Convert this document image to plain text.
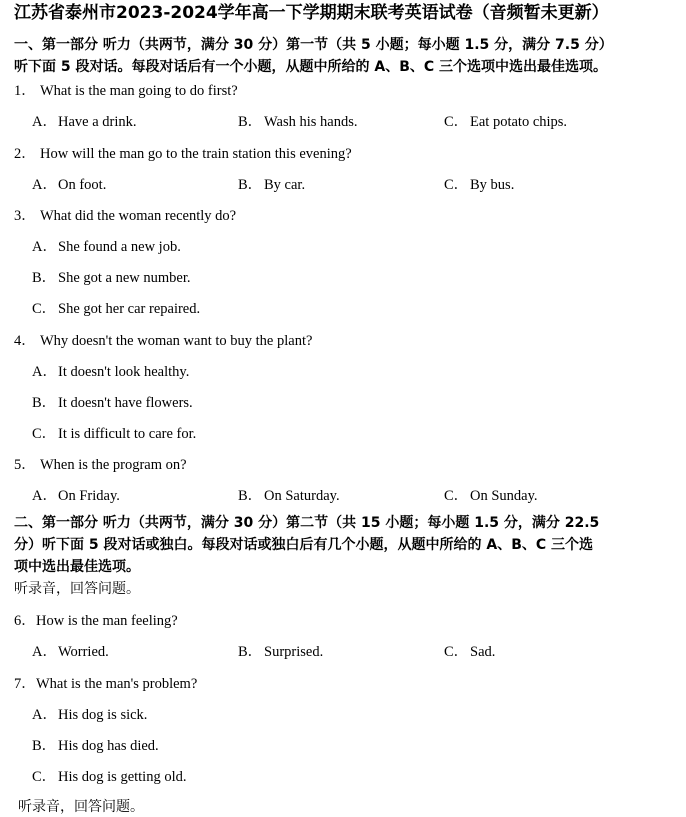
江苏省泰州市2023-2024学年高一下学期期末联考英语试卷（音频暂未更新）
一、第一部分 听力（共两节，满分 30 分）第一节（共 5 小题；每小题 1.5 分，满分 7.5 分）
听下面 5 段对话。每段对话后有一个小题，从题中所给的 A、B、C 三个选项中选出最佳选项。
1． What is the man going to do first?
A．Have a drink.	B． Wash his hands.	C． Eat potato chips.
2． How will the man go to the train station this evening?
A．On foot.	B． By car.	C． By bus.
3． What did the woman recently do?
A．She found a new job.
B． She got a new number.
C． She got her car repaired.
4． Why doesn't the woman want to buy the plant?
A．It doesn't look healthy.
B． It doesn't have flowers.
C． It is difficult to care for.
5． When is the program on?
A．On Friday.	B． On Saturday.	C． On Sunday.
二、第一部分 听力（共两节，满分 30 分）第二节（共 15 小题；每小题 1.5 分，满分 22.5
分）听下面 5 段对话或独白。每段对话或独白后有几个小题，从题中所给的 A、B、C 三个选
项中选出最佳选项。
听录音，回答问题。
6．How is the man feeling?
A．Worried.	B． Surprised.	C． Sad.
7．What is the man's problem?
A．His dog is sick.
B． His dog has died.
C． His dog is getting old.
听录音，回答问题。
